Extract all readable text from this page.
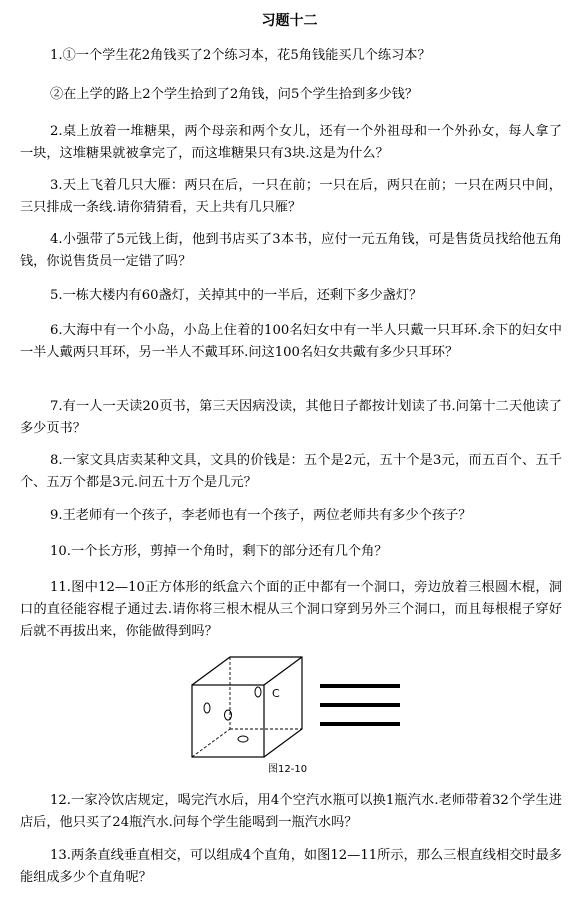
习题十二
1.①一个学生花2角钱买了2个练习本，花5角钱能买几个练习本？
②在上学的路上2个学生拾到了2角钱，问5个学生拾到多少钱？
2.桌上放着一堆糖果，两个母亲和两个女儿，还有一个外祖母和一个外孙女，每人拿了一块，这堆糖果就被拿完了，而这堆糖果只有3块.这是为什么？
3.天上飞着几只大雁：两只在后，一只在前；一只在后，两只在前；一只在两只中间，三只排成一条线.请你猜猜看，天上共有几只雁？
4.小强带了5元钱上街，他到书店买了3本书，应付一元五角钱，可是售货员找给他五角钱，你说售货员一定错了吗？
5.一栋大楼内有60盏灯，关掉其中的一半后，还剩下多少盏灯？
6.大海中有一个小岛，小岛上住着的100名妇女中有一半人只戴一只耳环.余下的妇女中一半人戴两只耳环，另一半人不戴耳环.问这100名妇女共戴有多少只耳环？
7.有一人一天读20页书，第三天因病没读，其他日子都按计划读了书.问第十二天他读了多少页书？
8.一家文具店卖某种文具，文具的价钱是：五个是2元，五十个是3元，而五百个、五千个、五万个都是3元.问五十万个是几元？
9.王老师有一个孩子，李老师也有一个孩子，两位老师共有多少个孩子？
10.一个长方形，剪掉一个角时，剩下的部分还有几个角？
11.图中12—10正方体形的纸盒六个面的正中都有一个洞口，旁边放着三根圆木棍，洞口的直径能容棍子通过去.请你将三根木棍从三个洞口穿到另外三个洞口，而且每根棍子穿好后就不再拔出来，你能做得到吗？
C
图12-10
12.一家冷饮店规定，喝完汽水后，用4个空汽水瓶可以换1瓶汽水.老师带着32个学生进店后，他只买了24瓶汽水.问每个学生能喝到一瓶汽水吗？
13.两条直线垂直相交，可以组成4个直角，如图12—11所示，那么三根直线相交时最多能组成多少个直角呢？
